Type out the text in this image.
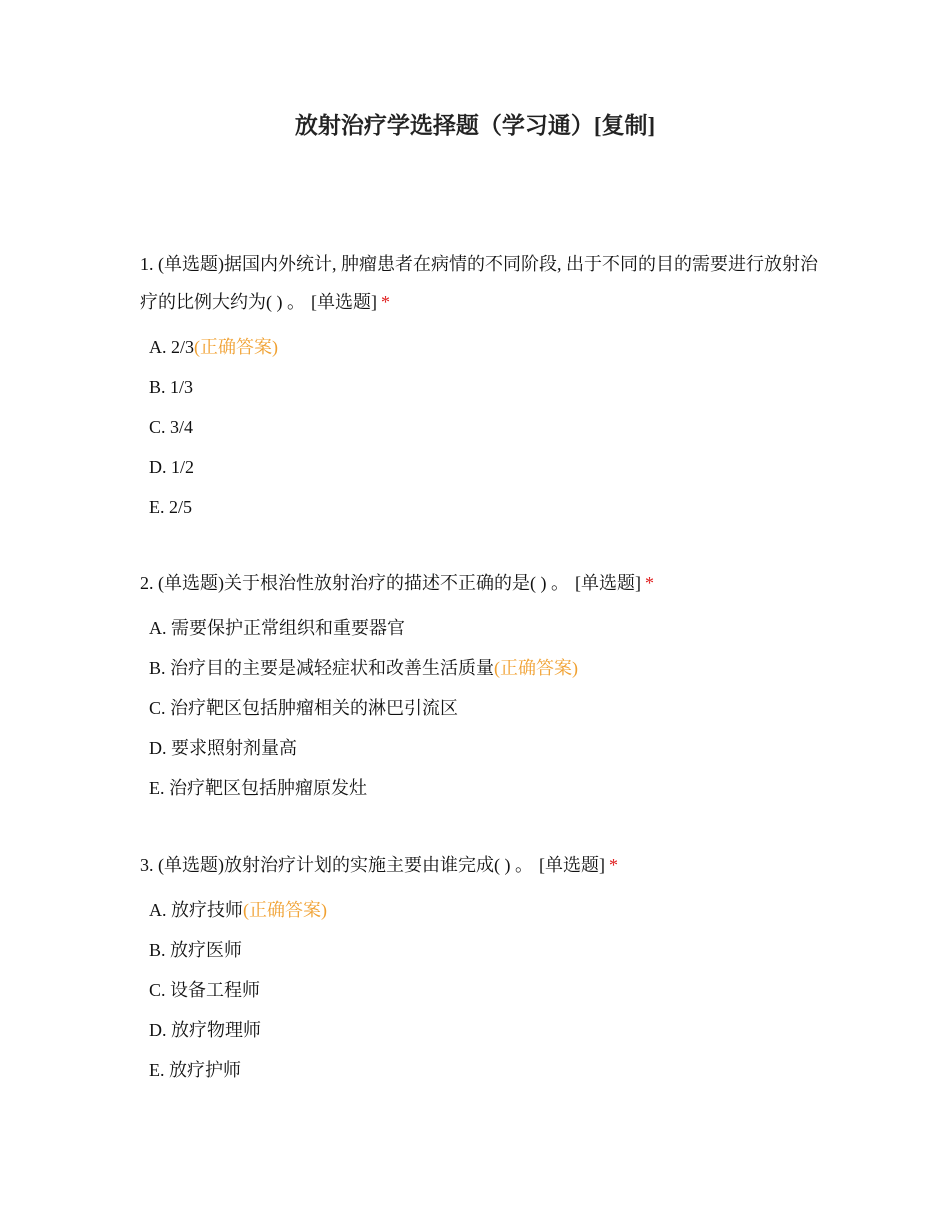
放射治疗学选择题（学习通）[复制]

1. (单选题)据国内外统计, 肿瘤患者在病情的不同阶段, 出于不同的目的需要进行放射治疗的比例大约为( ) 。 [单选题] *

A. 2/3(正确答案)
B. 1/3
C. 3/4
D. 1/2
E. 2/5

2. (单选题)关于根治性放射治疗的描述不正确的是( ) 。 [单选题] *

A. 需要保护正常组织和重要器官
B. 治疗目的主要是减轻症状和改善生活质量(正确答案)
C. 治疗靶区包括肿瘤相关的淋巴引流区
D. 要求照射剂量高
E. 治疗靶区包括肿瘤原发灶

3. (单选题)放射治疗计划的实施主要由谁完成( ) 。 [单选题] *

A. 放疗技师(正确答案)
B. 放疗医师
C. 设备工程师
D. 放疗物理师
E. 放疗护师
